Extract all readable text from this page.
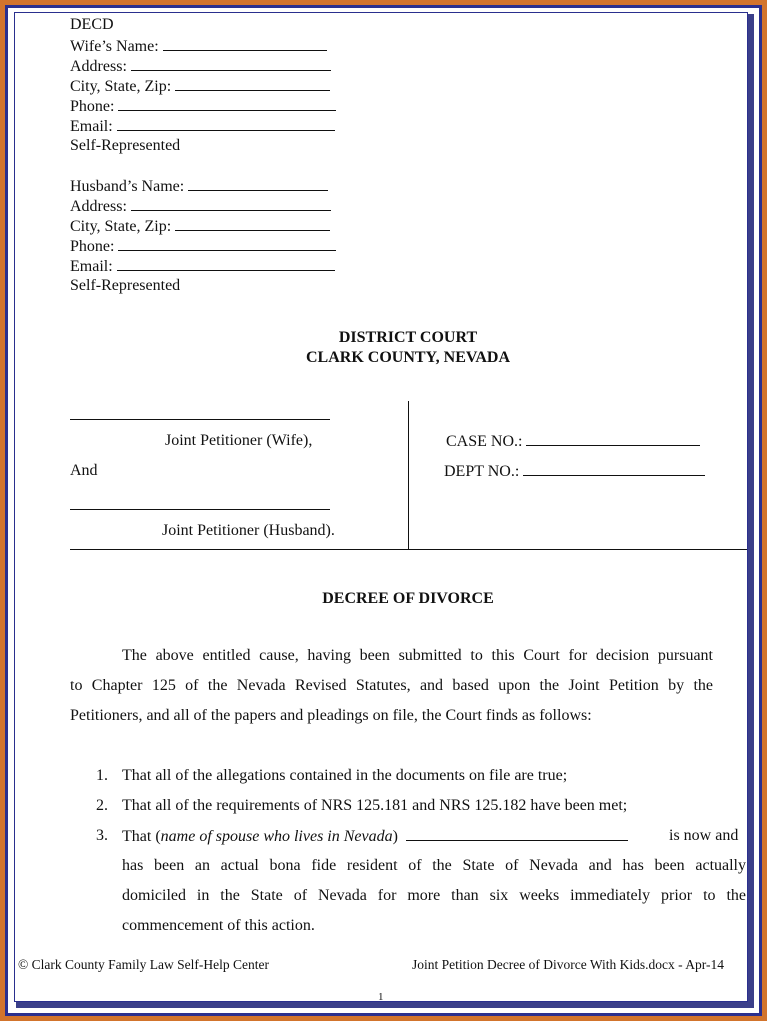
DECD
Wife’s Name:
Address:
City, State, Zip:
Phone:
Email:
Self-Represented
Husband’s Name:
Address:
City, State, Zip:
Phone:
Email:
Self-Represented
DISTRICT COURT
CLARK COUNTY, NEVADA
Joint Petitioner (Wife),
And
Joint Petitioner (Husband).
CASE NO.:
DEPT NO.:
DECREE OF DIVORCE
The above entitled cause, having been submitted to this Court for decision pursuant
to Chapter 125 of the Nevada Revised Statutes, and based upon the Joint Petition by the
Petitioners, and all of the papers and pleadings on file, the Court finds as follows:
1. That all of the allegations contained in the documents on file are true;
2. That all of the requirements of NRS 125.181 and NRS 125.182 have been met;
3. That (name of spouse who lives in Nevada)	is now and
has been an actual bona fide resident of the State of Nevada and has been actually
domiciled in the State of Nevada for more than six weeks immediately prior to the
commencement of this action.
© Clark County Family Law Self-Help Center	Joint Petition Decree of Divorce With Kids.docx - Apr-14
1
